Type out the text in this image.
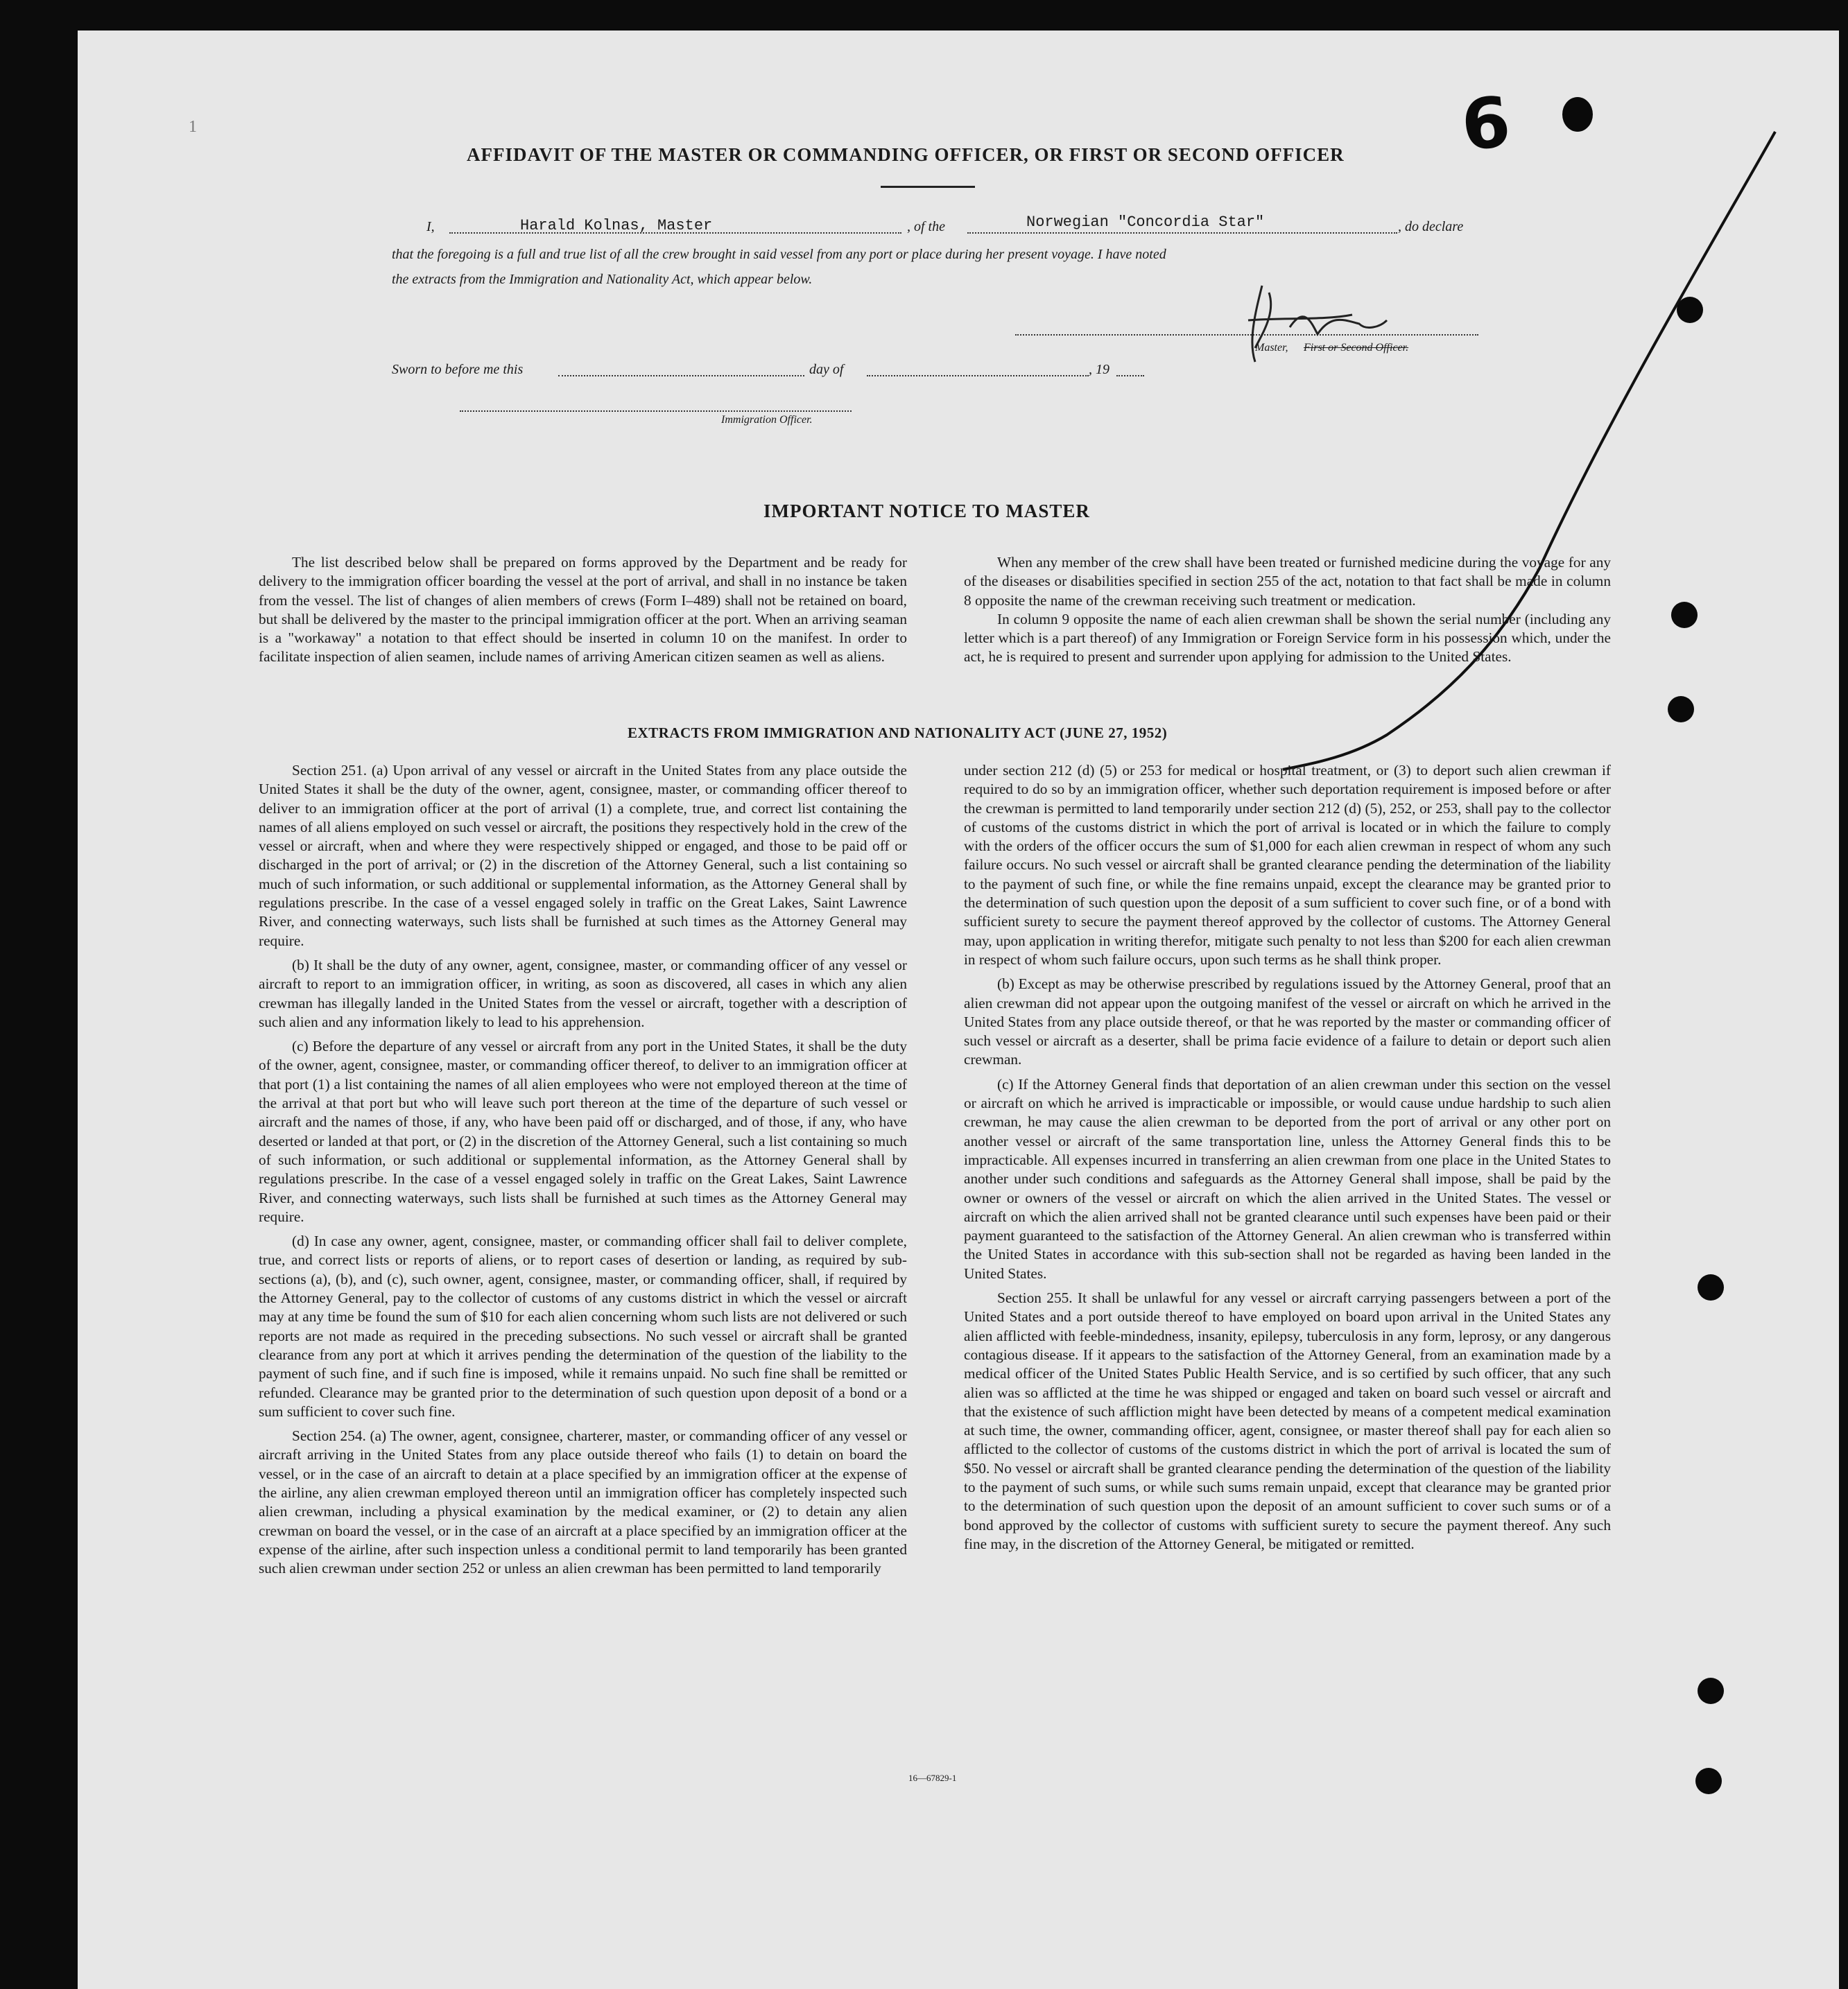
1	6
AFFIDAVIT OF THE MASTER OR COMMANDING OFFICER, OR FIRST OR SECOND OFFICER
I,	Harald Kolnas, Master	, of the	Norwegian "Concordia Star"	, do declare
that the foregoing is a full and true list of all the crew brought in said vessel from any port or place during her present voyage. I have noted
the extracts from the Immigration and Nationality Act, which appear below.
Master, First or Second Officer.
Sworn to before me this	day of	, 19
Immigration Officer.
IMPORTANT NOTICE TO MASTER

The list described below shall be prepared on forms approved by the Department and be ready for delivery to the immigration officer boarding the vessel at the port of arrival, and shall in no instance be taken from the vessel. The list of changes of alien members of crews (Form I–489) shall not be retained on board, but shall be delivered by the master to the principal immigration officer at the port. When an arriving seaman is a "workaway" a notation to that effect should be inserted in column 10 on the manifest. In order to facilitate inspection of alien seamen, include names of arriving American citizen seamen as well as aliens.

When any member of the crew shall have been treated or furnished medicine during the voyage for any of the diseases or disabilities specified in section 255 of the act, notation to that fact shall be made in column 8 opposite the name of the crewman receiving such treatment or medication.

In column 9 opposite the name of each alien crewman shall be shown the serial number (including any letter which is a part thereof) of any Immigration or Foreign Service form in his possession which, under the act, he is required to present and surrender upon applying for admission to the United States.

EXTRACTS FROM IMMIGRATION AND NATIONALITY ACT (JUNE 27, 1952)

Section 251. (a) Upon arrival of any vessel or aircraft in the United States from any place outside the United States it shall be the duty of the owner, agent, consignee, master, or commanding officer thereof to deliver to an immigration officer at the port of arrival (1) a complete, true, and correct list containing the names of all aliens employed on such vessel or aircraft, the positions they respectively hold in the crew of the vessel or aircraft, when and where they were respectively shipped or engaged, and those to be paid off or discharged in the port of arrival; or (2) in the discretion of the Attorney General, such a list containing so much of such information, or such additional or supplemental information, as the Attorney General shall by regulations prescribe. In the case of a vessel engaged solely in traffic on the Great Lakes, Saint Lawrence River, and connecting waterways, such lists shall be furnished at such times as the Attorney General may require.

(b) It shall be the duty of any owner, agent, consignee, master, or commanding officer of any vessel or aircraft to report to an immigration officer, in writing, as soon as discovered, all cases in which any alien crewman has illegally landed in the United States from the vessel or aircraft, together with a description of such alien and any information likely to lead to his apprehension.

(c) Before the departure of any vessel or aircraft from any port in the United States, it shall be the duty of the owner, agent, consignee, master, or commanding officer thereof, to deliver to an immigration officer at that port (1) a list containing the names of all alien employees who were not employed thereon at the time of the arrival at that port but who will leave such port thereon at the time of the departure of such vessel or aircraft and the names of those, if any, who have been paid off or discharged, and of those, if any, who have deserted or landed at that port, or (2) in the discretion of the Attorney General, such a list containing so much of such information, or such additional or supplemental information, as the Attorney General shall by regulations prescribe. In the case of a vessel engaged solely in traffic on the Great Lakes, Saint Lawrence River, and connecting waterways, such lists shall be furnished at such times as the Attorney General may require.

(d) In case any owner, agent, consignee, master, or commanding officer shall fail to deliver complete, true, and correct lists or reports of aliens, or to report cases of desertion or landing, as required by sub-sections (a), (b), and (c), such owner, agent, consignee, master, or commanding officer, shall, if required by the Attorney General, pay to the collector of customs of any customs district in which the vessel or aircraft may at any time be found the sum of $10 for each alien concerning whom such lists are not delivered or such reports are not made as required in the preceding subsections. No such vessel or aircraft shall be granted clearance from any port at which it arrives pending the determination of the question of the liability to the payment of such fine, and if such fine is imposed, while it remains unpaid. No such fine shall be remitted or refunded. Clearance may be granted prior to the determination of such question upon deposit of a bond or a sum sufficient to cover such fine.

Section 254. (a) The owner, agent, consignee, charterer, master, or commanding officer of any vessel or aircraft arriving in the United States from any place outside thereof who fails (1) to detain on board the vessel, or in the case of an aircraft to detain at a place specified by an immigration officer at the expense of the airline, any alien crewman employed thereon until an immigration officer has completely inspected such alien crewman, including a physical examination by the medical examiner, or (2) to detain any alien crewman on board the vessel, or in the case of an aircraft at a place specified by an immigration officer at the expense of the airline, after such inspection unless a conditional permit to land temporarily has been granted such alien crewman under section 252 or unless an alien crewman has been permitted to land temporarily

under section 212 (d) (5) or 253 for medical or hospital treatment, or (3) to deport such alien crewman if required to do so by an immigration officer, whether such deportation requirement is imposed before or after the crewman is permitted to land temporarily under section 212 (d) (5), 252, or 253, shall pay to the collector of customs of the customs district in which the port of arrival is located or in which the failure to comply with the orders of the officer occurs the sum of $1,000 for each alien crewman in respect of whom any such failure occurs. No such vessel or aircraft shall be granted clearance pending the determination of the liability to the payment of such fine, or while the fine remains unpaid, except the clearance may be granted prior to the determination of such question upon the deposit of a sum sufficient to cover such fine, or of a bond with sufficient surety to secure the payment thereof approved by the collector of customs. The Attorney General may, upon application in writing therefor, mitigate such penalty to not less than $200 for each alien crewman in respect of whom such failure occurs, upon such terms as he shall think proper.

(b) Except as may be otherwise prescribed by regulations issued by the Attorney General, proof that an alien crewman did not appear upon the outgoing manifest of the vessel or aircraft on which he arrived in the United States from any place outside thereof, or that he was reported by the master or commanding officer of such vessel or aircraft as a deserter, shall be prima facie evidence of a failure to detain or deport such alien crewman.

(c) If the Attorney General finds that deportation of an alien crewman under this section on the vessel or aircraft on which he arrived is impracticable or impossible, or would cause undue hardship to such alien crewman, he may cause the alien crewman to be deported from the port of arrival or any other port on another vessel or aircraft of the same transportation line, unless the Attorney General finds this to be impracticable. All expenses incurred in transferring an alien crewman from one place in the United States to another under such conditions and safeguards as the Attorney General shall impose, shall be paid by the owner or owners of the vessel or aircraft on which the alien arrived in the United States. The vessel or aircraft on which the alien arrived shall not be granted clearance until such expenses have been paid or their payment guaranteed to the satisfaction of the Attorney General. An alien crewman who is transferred within the United States in accordance with this sub-section shall not be regarded as having been landed in the United States.

Section 255. It shall be unlawful for any vessel or aircraft carrying passengers between a port of the United States and a port outside thereof to have employed on board upon arrival in the United States any alien afflicted with feeble-mindedness, insanity, epilepsy, tuberculosis in any form, leprosy, or any dangerous contagious disease. If it appears to the satisfaction of the Attorney General, from an examination made by a medical officer of the United States Public Health Service, and is so certified by such officer, that any such alien was so afflicted at the time he was shipped or engaged and taken on board such vessel or aircraft and that the existence of such affliction might have been detected by means of a competent medical examination at such time, the owner, commanding officer, agent, consignee, or master thereof shall pay for each alien so afflicted to the collector of customs of the customs district in which the port of arrival is located the sum of $50. No vessel or aircraft shall be granted clearance pending the determination of the question of the liability to the payment of such sums, or while such sums remain unpaid, except that clearance may be granted prior to the determination of such question upon the deposit of an amount sufficient to cover such sums or of a bond approved by the collector of customs with sufficient surety to secure the payment thereof. Any such fine may, in the discretion of the Attorney General, be mitigated or remitted.

16—67829-1
